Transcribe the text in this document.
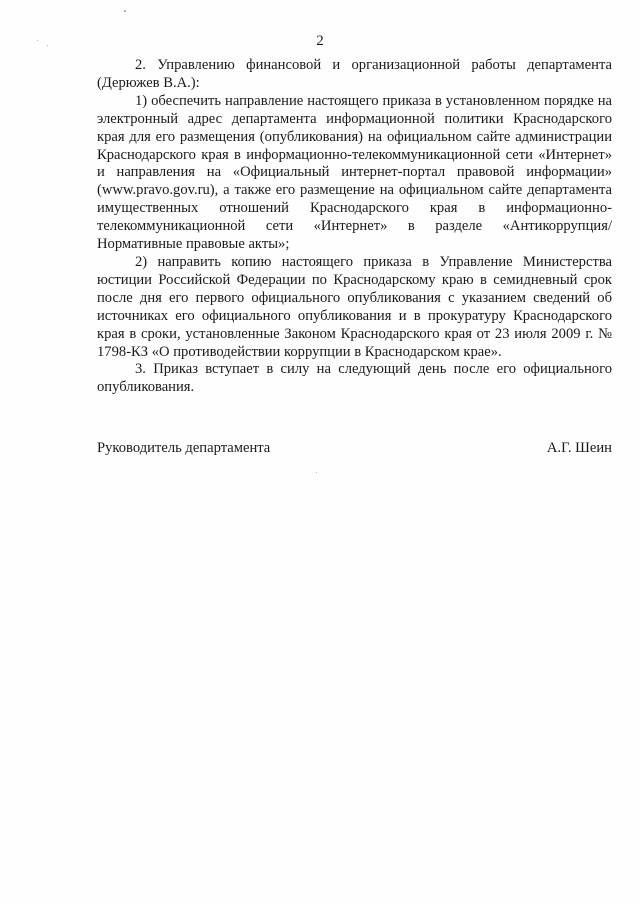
2

2. Управлению финансовой и организационной работы департамента (Дерюжев В.А.):

1) обеспечить направление настоящего приказа в установленном порядке на электронный адрес департамента информационной политики Краснодарского края для его размещения (опубликования) на официальном сайте администрации Краснодарского края в информационно-телекоммуникационной сети «Интернет» и направления на «Официальный интернет-портал правовой информации» (www.pravo.gov.ru), а также его размещение на официальном сайте департамента имущественных отношений Краснодарского края в информационно-телекоммуникационной сети «Интернет» в разделе «Антикоррупция/Нормативные правовые акты»;

2) направить копию настоящего приказа в Управление Министерства юстиции Российской Федерации по Краснодарскому краю в семидневный срок после дня его первого официального опубликования с указанием сведений об источниках его официального опубликования и в прокуратуру Краснодарского края в сроки, установленные Законом Краснодарского края от 23 июля 2009 г. № 1798-КЗ «О противодействии коррупции в Краснодарском крае».

3. Приказ вступает в силу на следующий день после его официального опубликования.

Руководитель департамента	А.Г. Шеин
